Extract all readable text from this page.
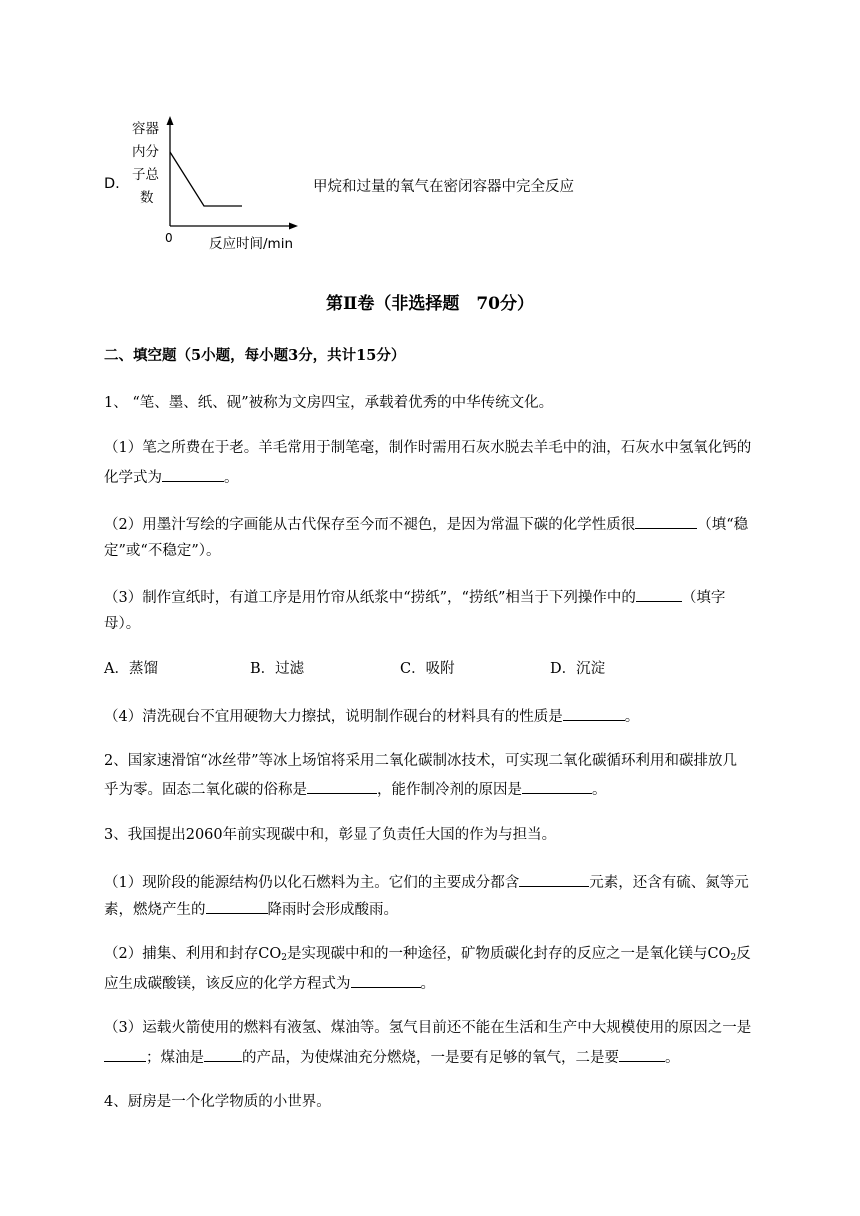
D.
容器
内分
子总
数
0	反应时间/min
甲烷和过量的氧气在密闭容器中完全反应
第Ⅱ卷（非选择题　70分）
二、填空题（5小题，每小题3分，共计15分）
1、 “笔、墨、纸、砚”被称为文房四宝，承载着优秀的中华传统文化。
（1）笔之所费在于老。羊毛常用于制笔毫，制作时需用石灰水脱去羊毛中的油，石灰水中氢氧化钙的
化学式为	。
（2）用墨汁写绘的字画能从古代保存至今而不褪色，是因为常温下碳的化学性质很	（填“稳
定”或“不稳定”）。
（3）制作宣纸时，有道工序是用竹帘从纸浆中“捞纸”，“捞纸”相当于下列操作中的	（填字
母）。
A．蒸馏	B．过滤	C．吸附	D．沉淀
（4）清洗砚台不宜用硬物大力擦拭，说明制作砚台的材料具有的性质是	。
2、国家速滑馆“冰丝带”等冰上场馆将采用二氧化碳制冰技术，可实现二氧化碳循环利用和碳排放几
乎为零。固态二氧化碳的俗称是	，能作制冷剂的原因是	。
3、我国提出2060年前实现碳中和，彰显了负责任大国的作为与担当。
（1）现阶段的能源结构仍以化石燃料为主。它们的主要成分都含	元素，还含有硫、氮等元
素，燃烧产生的	降雨时会形成酸雨。
（2）捕集、利用和封存$CO_2$是实现碳中和的一种途径，矿物质碳化封存的反应之一是氧化镁与$CO_2$反
应生成碳酸镁，该反应的化学方程式为	。
（3）运载火箭使用的燃料有液氢、煤油等。氢气目前还不能在生活和生产中大规模使用的原因之一是
；煤油是	的产品，为使煤油充分燃烧，一是要有足够的氧气，二是要	。
4、厨房是一个化学物质的小世界。
